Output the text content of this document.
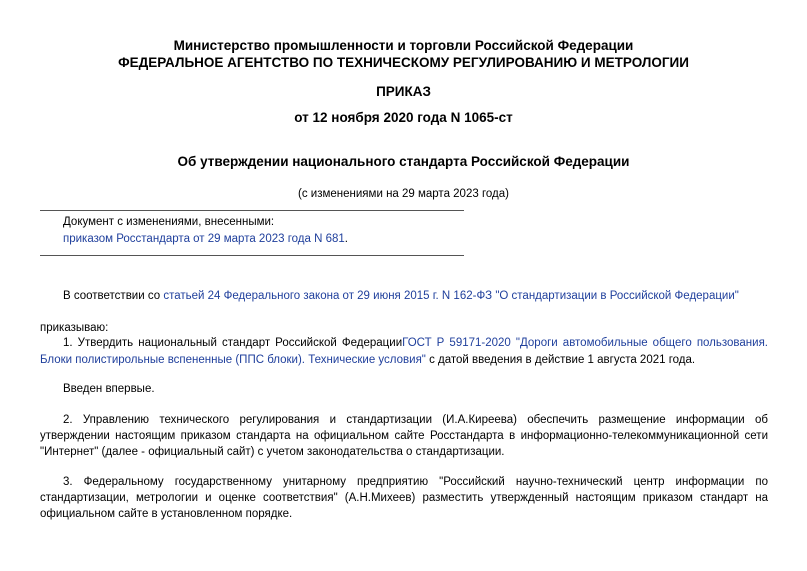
Министерство промышленности и торговли Российской Федерации
ФЕДЕРАЛЬНОЕ АГЕНТСТВО ПО ТЕХНИЧЕСКОМУ РЕГУЛИРОВАНИЮ И МЕТРОЛОГИИ
ПРИКАЗ
от 12 ноября 2020 года N 1065-ст
Об утверждении национального стандарта Российской Федерации
(с изменениями на 29 марта 2023 года)
Документ с изменениями, внесенными:
приказом Росстандарта от 29 марта 2023 года N 681.
В соответствии со статьей 24 Федерального закона от 29 июня 2015 г. N 162-ФЗ "О стандартизации в Российской Федерации"
приказываю:
1. Утвердить национальный стандарт Российской ФедерацииГОСТ Р 59171-2020 "Дороги автомобильные общего пользования. Блоки полистирольные вспененные (ППС блоки). Технические условия" с датой введения в действие 1 августа 2021 года.
Введен впервые.
2. Управлению технического регулирования и стандартизации (И.А.Киреева) обеспечить размещение информации об утверждении настоящим приказом стандарта на официальном сайте Росстандарта в информационно-телекоммуникационной сети "Интернет" (далее - официальный сайт) с учетом законодательства о стандартизации.
3. Федеральному государственному унитарному предприятию "Российский научно-технический центр информации по стандартизации, метрологии и оценке соответствия" (А.Н.Михеев) разместить утвержденный настоящим приказом стандарт на официальном сайте в установленном порядке.
